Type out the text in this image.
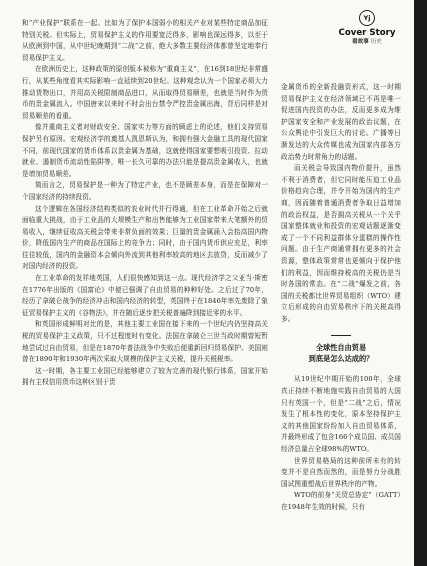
和“产业保护”联系在一起。比如为了保护本国弱小的相关产业对某些特定商品加征特别关税。但实际上，贸易保护主义的作用要宽泛得多，影响也深远得多，以至于从欧洲到中国，从中世纪晚期到“二战”之前，绝大多数主要经济体都曾坚定地奉行贸易保护主义。

在欧洲历史上，这种政策的原创版本被称为“重商主义”，在16到18世纪非常盛行，从某些角度看其实际影响一直延续到20世纪。这种观念认为一个国家必须大力推动货物出口，并用高关税限制商品进口，从而取得贸易顺差，也就是当时作为货币的贵金属流入。中国唐宋以来时不时会出台禁令严控贵金属出海，背后同样是对贸易顺差的看重。

像并重商主义者对财政安全、国家实力等方面的顾虑上的论述，他们支持贸易保护另有原因。宏观经济学的奠基人凯恩斯认为，和拥有强大金融工具的现代国家不同，前现代国家的货币体系以贵金属为基础，这就使得国家要想吸引投资、拉动就业、遏制货币流动性陷阱等，唯一长久可靠的办法只能是提高贵金属收入，也就是增加贸易顺差。

简而言之，贸易保护是一种为了特定产业，也不是顾差本身，而是在保障对一个国家经济的持续投资。

这个逻辑在各国经济结构类似的农业时代并行得通，但在工业革命开始之后就面临重大挑战，由于工业品的大规模生产和出售能够为工业国家带来大笔额外的贸易收入，继续征收高关税会带来非常负面的效果；巨量的贵金属涌入会抬高国内物价，降低国内生产的商品在国际上的竞争力；同时，由于国内货币供应充足，利率往往较低，国内的金融资本会倾向外流到其他利率较高的地区去放贷，反而减少了对国内经济的投资。

在工业革命的发祥地英国，人们很快感知到这一点。现代经济学之父亚当·斯密在1776年出版的《国富论》中便已强调了自由贸易的种种好处。之后过了70年，经历了拿破仑战争的经济冲击和国内经济的转型，英国终于在1846年率先废除了象征贸易保护主义的《谷物法》，并在随后逐步把关税普遍降到接近零的水平。

和英国形成鲜明对比的是，其他主要工业国在接下来的一个世纪内仍坚持高关税的贸易保护主义政策，只不过程度时有变化。法国在拿破仑三世当政时期曾短暂地尝试过自由贸易，但是在1870年普法战争中失败后便重新回归贸易保护。美国则曾在1890年和1930年两次采取大规模的保护主义关税，提升关税税率。

这一时期，各主要工业国已经能够建立了较为完善的现代银行体系，国家开始拥有主权信用货币这种区别于贵

Yj
Cover Story
看故事 历史

金属货币的全新投融资形式，这一时期贸易保护主义在经济领域已不再是唯一促进国内投资的办法，反而更多成为维护国家安全和产业发展的政治议题，在公众舆论中引发巨大的讨论。广播等日渐发达的大众传媒也成为国家内部各方政治势力时常角力的话题。

而关税会导致国内物价提升，虽然不利于消费者，但它同时能压迫工业品价格趋向合理，并令开始为国内的生产商，因而随着普通消费者争取日益增加的政治权益，是否拥高关税从一个关乎国家整体就业和投资的宏观话题逐渐变成了一个不同利益群体分蛋糕的操作性问题。由于生产商通常拥有更多的社会资源，整体政策常常也更倾向于保护他们的利益，因而维持税高的关税仍是当时各国的常态。在“二战”爆发之前，各国的关税都比世界贸易组织（WTO）建立后形成的自由贸易秩序下的关税高得多。

全球性自由贸易
到底是怎么达成的？

从19世纪中期开始的100年，全球真正持续不断地施实践自由贸易的大国只有英国一个，但是“二战”之后，情况发生了根本性的变化，原本坚持保护主义的其他国家纷纷加入自由贸易体系，并最终形成了包含166个成员国、成员国经济总量占全球98%的WTO。

世界贸易格局的这种前所未有的转变并不是自然而然的，而是努力分战胜国试图重塑战后世界秩序的产物。

WTO的前身“关贸总协定”（GATT）在1948年生效的时候，只有
